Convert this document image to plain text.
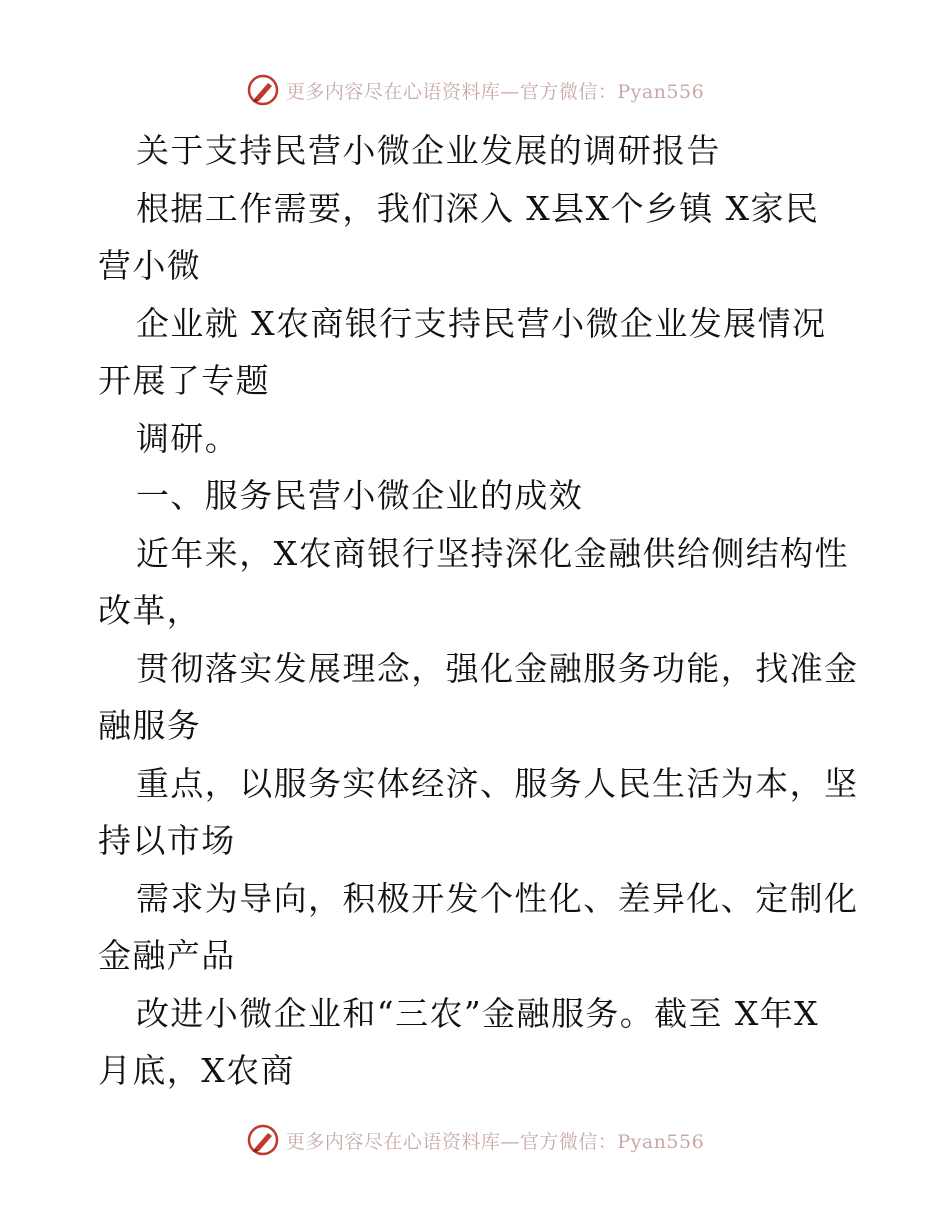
更多内容尽在心语资料库—官方微信：Pyan556
关于支持民营小微企业发展的调研报告
根据工作需要，我们深入 X县X个乡镇 X家民
营小微
企业就 X农商银行支持民营小微企业发展情况
开展了专题
调研。
一、服务民营小微企业的成效
近年来，X农商银行坚持深化金融供给侧结构性
改革，
贯彻落实发展理念，强化金融服务功能，找准金
融服务
重点，以服务实体经济、服务人民生活为本，坚
持以市场
需求为导向，积极开发个性化、差异化、定制化
金融产品
改进小微企业和“三农”金融服务。截至 X年X
月底，X农商
更多内容尽在心语资料库—官方微信：Pyan556
